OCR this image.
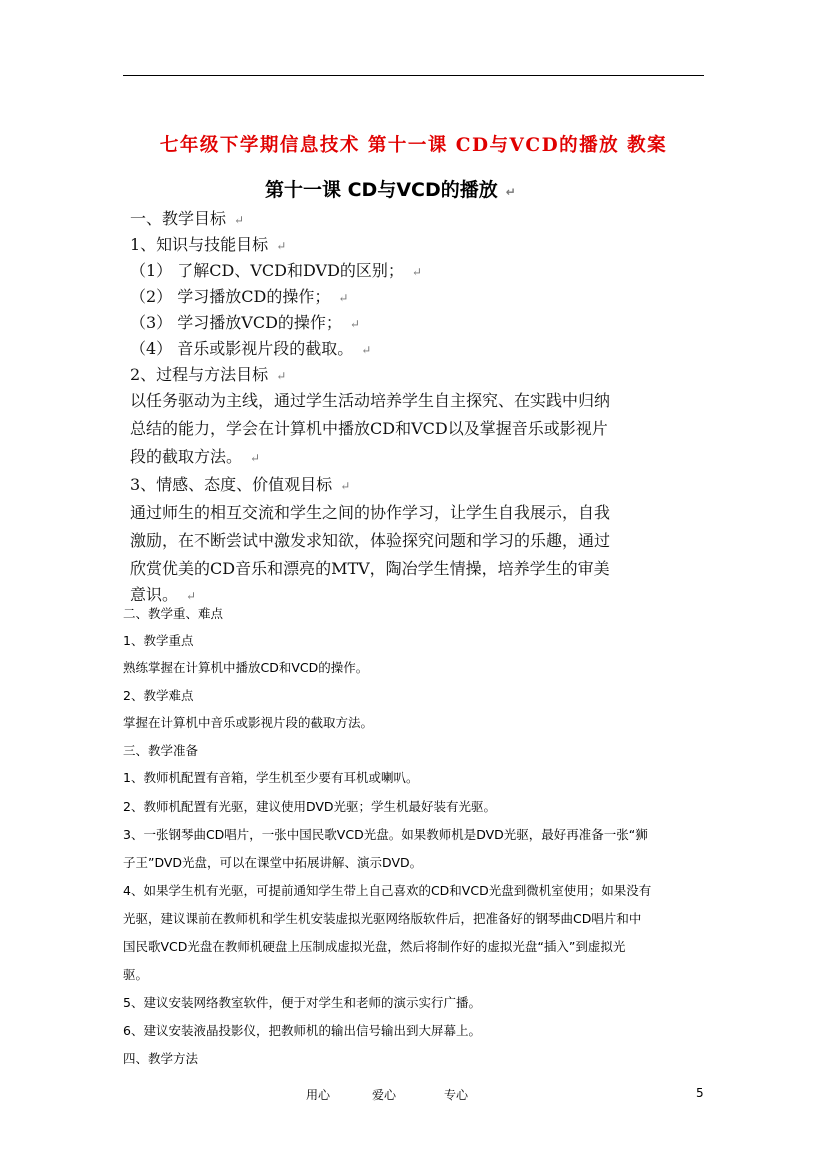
七年级下学期信息技术 第十一课 CD与VCD的播放 教案
第十一课 CD与VCD的播放 ↵
一、教学目标 ↵
1、知识与技能目标 ↵
（1） 了解CD、VCD和DVD的区别； ↵
（2） 学习播放CD的操作； ↵
（3） 学习播放VCD的操作； ↵
（4） 音乐或影视片段的截取。 ↵
2、过程与方法目标 ↵
以任务驱动为主线，通过学生活动培养学生自主探究、在实践中归纳
总结的能力，学会在计算机中播放CD和VCD以及掌握音乐或影视片
段的截取方法。 ↵
3、情感、态度、价值观目标 ↵
通过师生的相互交流和学生之间的协作学习，让学生自我展示，自我
激励，在不断尝试中激发求知欲，体验探究问题和学习的乐趣，通过
欣赏优美的CD音乐和漂亮的MTV，陶冶学生情操，培养学生的审美
意识。 ↵
二、教学重、难点
1、教学重点
熟练掌握在计算机中播放CD和VCD的操作。
2、教学难点
掌握在计算机中音乐或影视片段的截取方法。
三、教学准备
1、教师机配置有音箱，学生机至少要有耳机或喇叭。
2、教师机配置有光驱，建议使用DVD光驱；学生机最好装有光驱。
3、一张钢琴曲CD唱片，一张中国民歌VCD光盘。如果教师机是DVD光驱，最好再准备一张“狮
子王”DVD光盘，可以在课堂中拓展讲解、演示DVD。
4、如果学生机有光驱，可提前通知学生带上自己喜欢的CD和VCD光盘到微机室使用；如果没有
光驱，建议课前在教师机和学生机安装虚拟光驱网络版软件后，把准备好的钢琴曲CD唱片和中
国民歌VCD光盘在教师机硬盘上压制成虚拟光盘，然后将制作好的虚拟光盘“插入”到虚拟光
驱。
5、建议安装网络教室软件，便于对学生和老师的演示实行广播。
6、建议安装液晶投影仪，把教师机的输出信号输出到大屏幕上。
四、教学方法
用心	爱心	专心	5
